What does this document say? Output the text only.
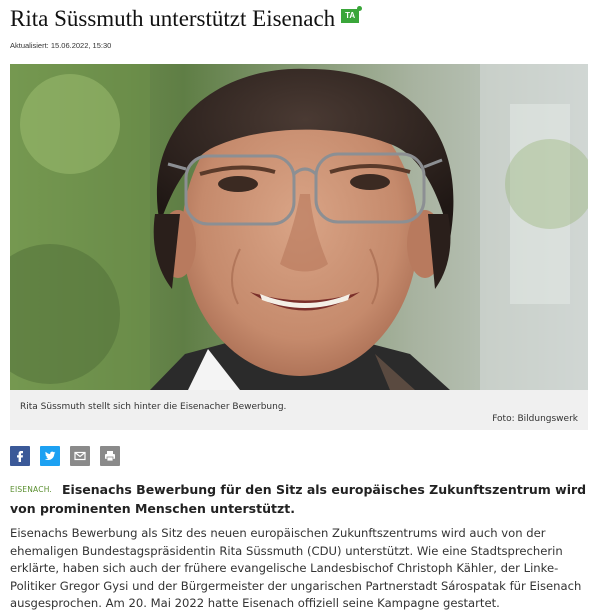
Rita Süssmuth unterstützt Eisenach	TA
Aktualisiert: 15.06.2022, 15:30
Rita Süssmuth stellt sich hinter die Eisenacher Bewerbung.
Foto: Bildungswerk
EISENACH. Eisenachs Bewerbung für den Sitz als europäisches Zukunftszentrum wird von prominenten Menschen unterstützt.

Eisenachs Bewerbung als Sitz des neuen europäischen Zukunftszentrums wird auch von der ehemaligen Bundestagspräsidentin Rita Süssmuth (CDU) unterstützt. Wie eine Stadtsprecherin erklärte, haben sich auch der frühere evangelische Landesbischof Christoph Kähler, der Linke-Politiker Gregor Gysi und der Bürgermeister der ungarischen Partnerstadt Sárospatak für Eisenach ausgesprochen. Am 20. Mai 2022 hatte Eisenach offiziell seine Kampagne gestartet.
